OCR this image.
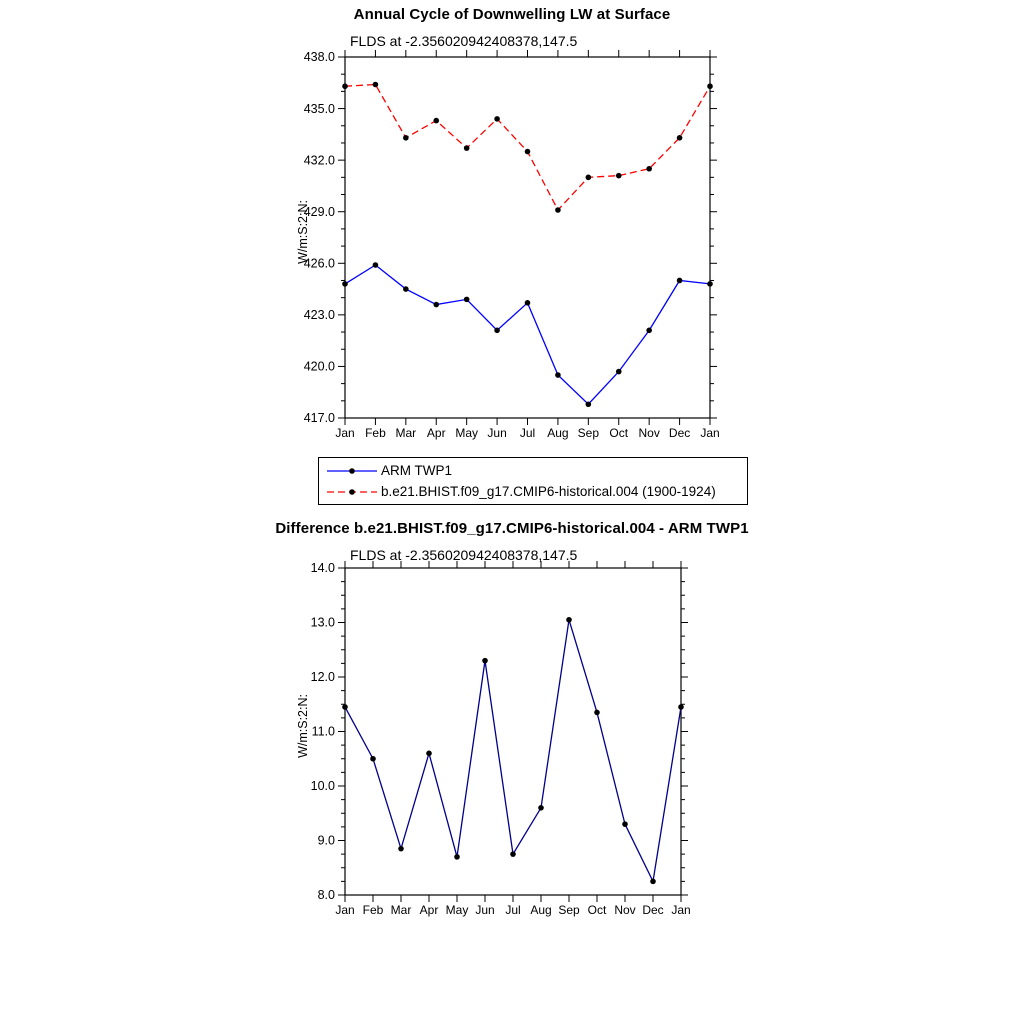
Annual Cycle of Downwelling LW at Surface
FLDS at -2.356020942408378,147.5
W/m:S:2:N:
417.0
420.0
423.0
426.0
429.0
432.0
435.0
438.0
Jan Feb Mar Apr May Jun Jul Aug Sep Oct Nov Dec Jan
ARM TWP1
b.e21.BHIST.f09_g17.CMIP6-historical.004 (1900-1924)
Difference b.e21.BHIST.f09_g17.CMIP6-historical.004 - ARM TWP1
FLDS at -2.356020942408378,147.5
W/m:S:2:N:
8.0
9.0
10.0
11.0
12.0
13.0
14.0
Jan Feb Mar Apr May Jun Jul Aug Sep Oct Nov Dec Jan
